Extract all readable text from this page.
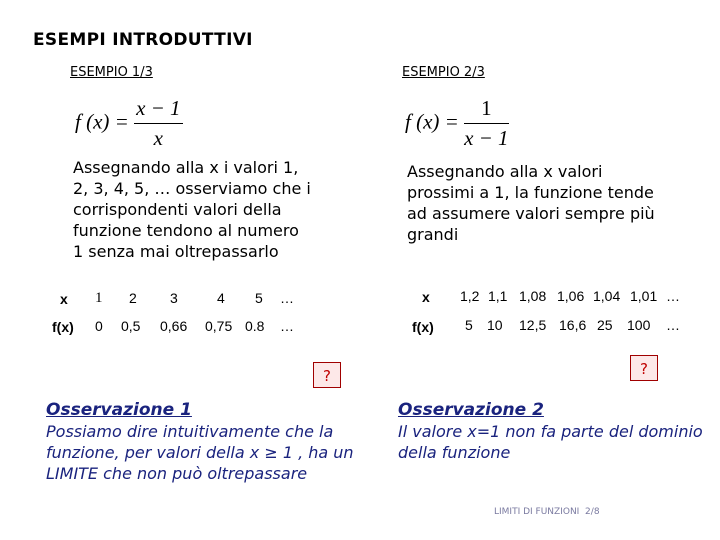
ESEMPI INTRODUTTIVI
ESEMPIO 1/3
f $(x) = \frac{x - 1}{x}$
Assegnando alla x i valori 1,
2, 3, 4, 5, … osserviamo che i
corrispondenti valori della
funzione tendono al numero
1 senza mai oltrepassarlo
x 1 2 3	4 5 …
f(x) 0 0,5 0,66 0,75 0.8 …
?
Osservazione 1
Possiamo dire intuitivamente che la
funzione, per valori della x ≥ 1 , ha un
LIMITE che non può oltrepassare
ESEMPIO 2/3
f $(x) = \frac{1}{x - 1}$
Assegnando alla x valori
prossimi a 1, la funzione tende
ad assumere valori sempre più
grandi
x 1,2 1,1 1,08 1,06 1,04 1,01 …
f(x) 5 10 12,5 16,6 25 100 …
?
Osservazione 2
Il valore x=1 non fa parte del dominio
della funzione
LIMITI DI FUNZIONI  2/8
